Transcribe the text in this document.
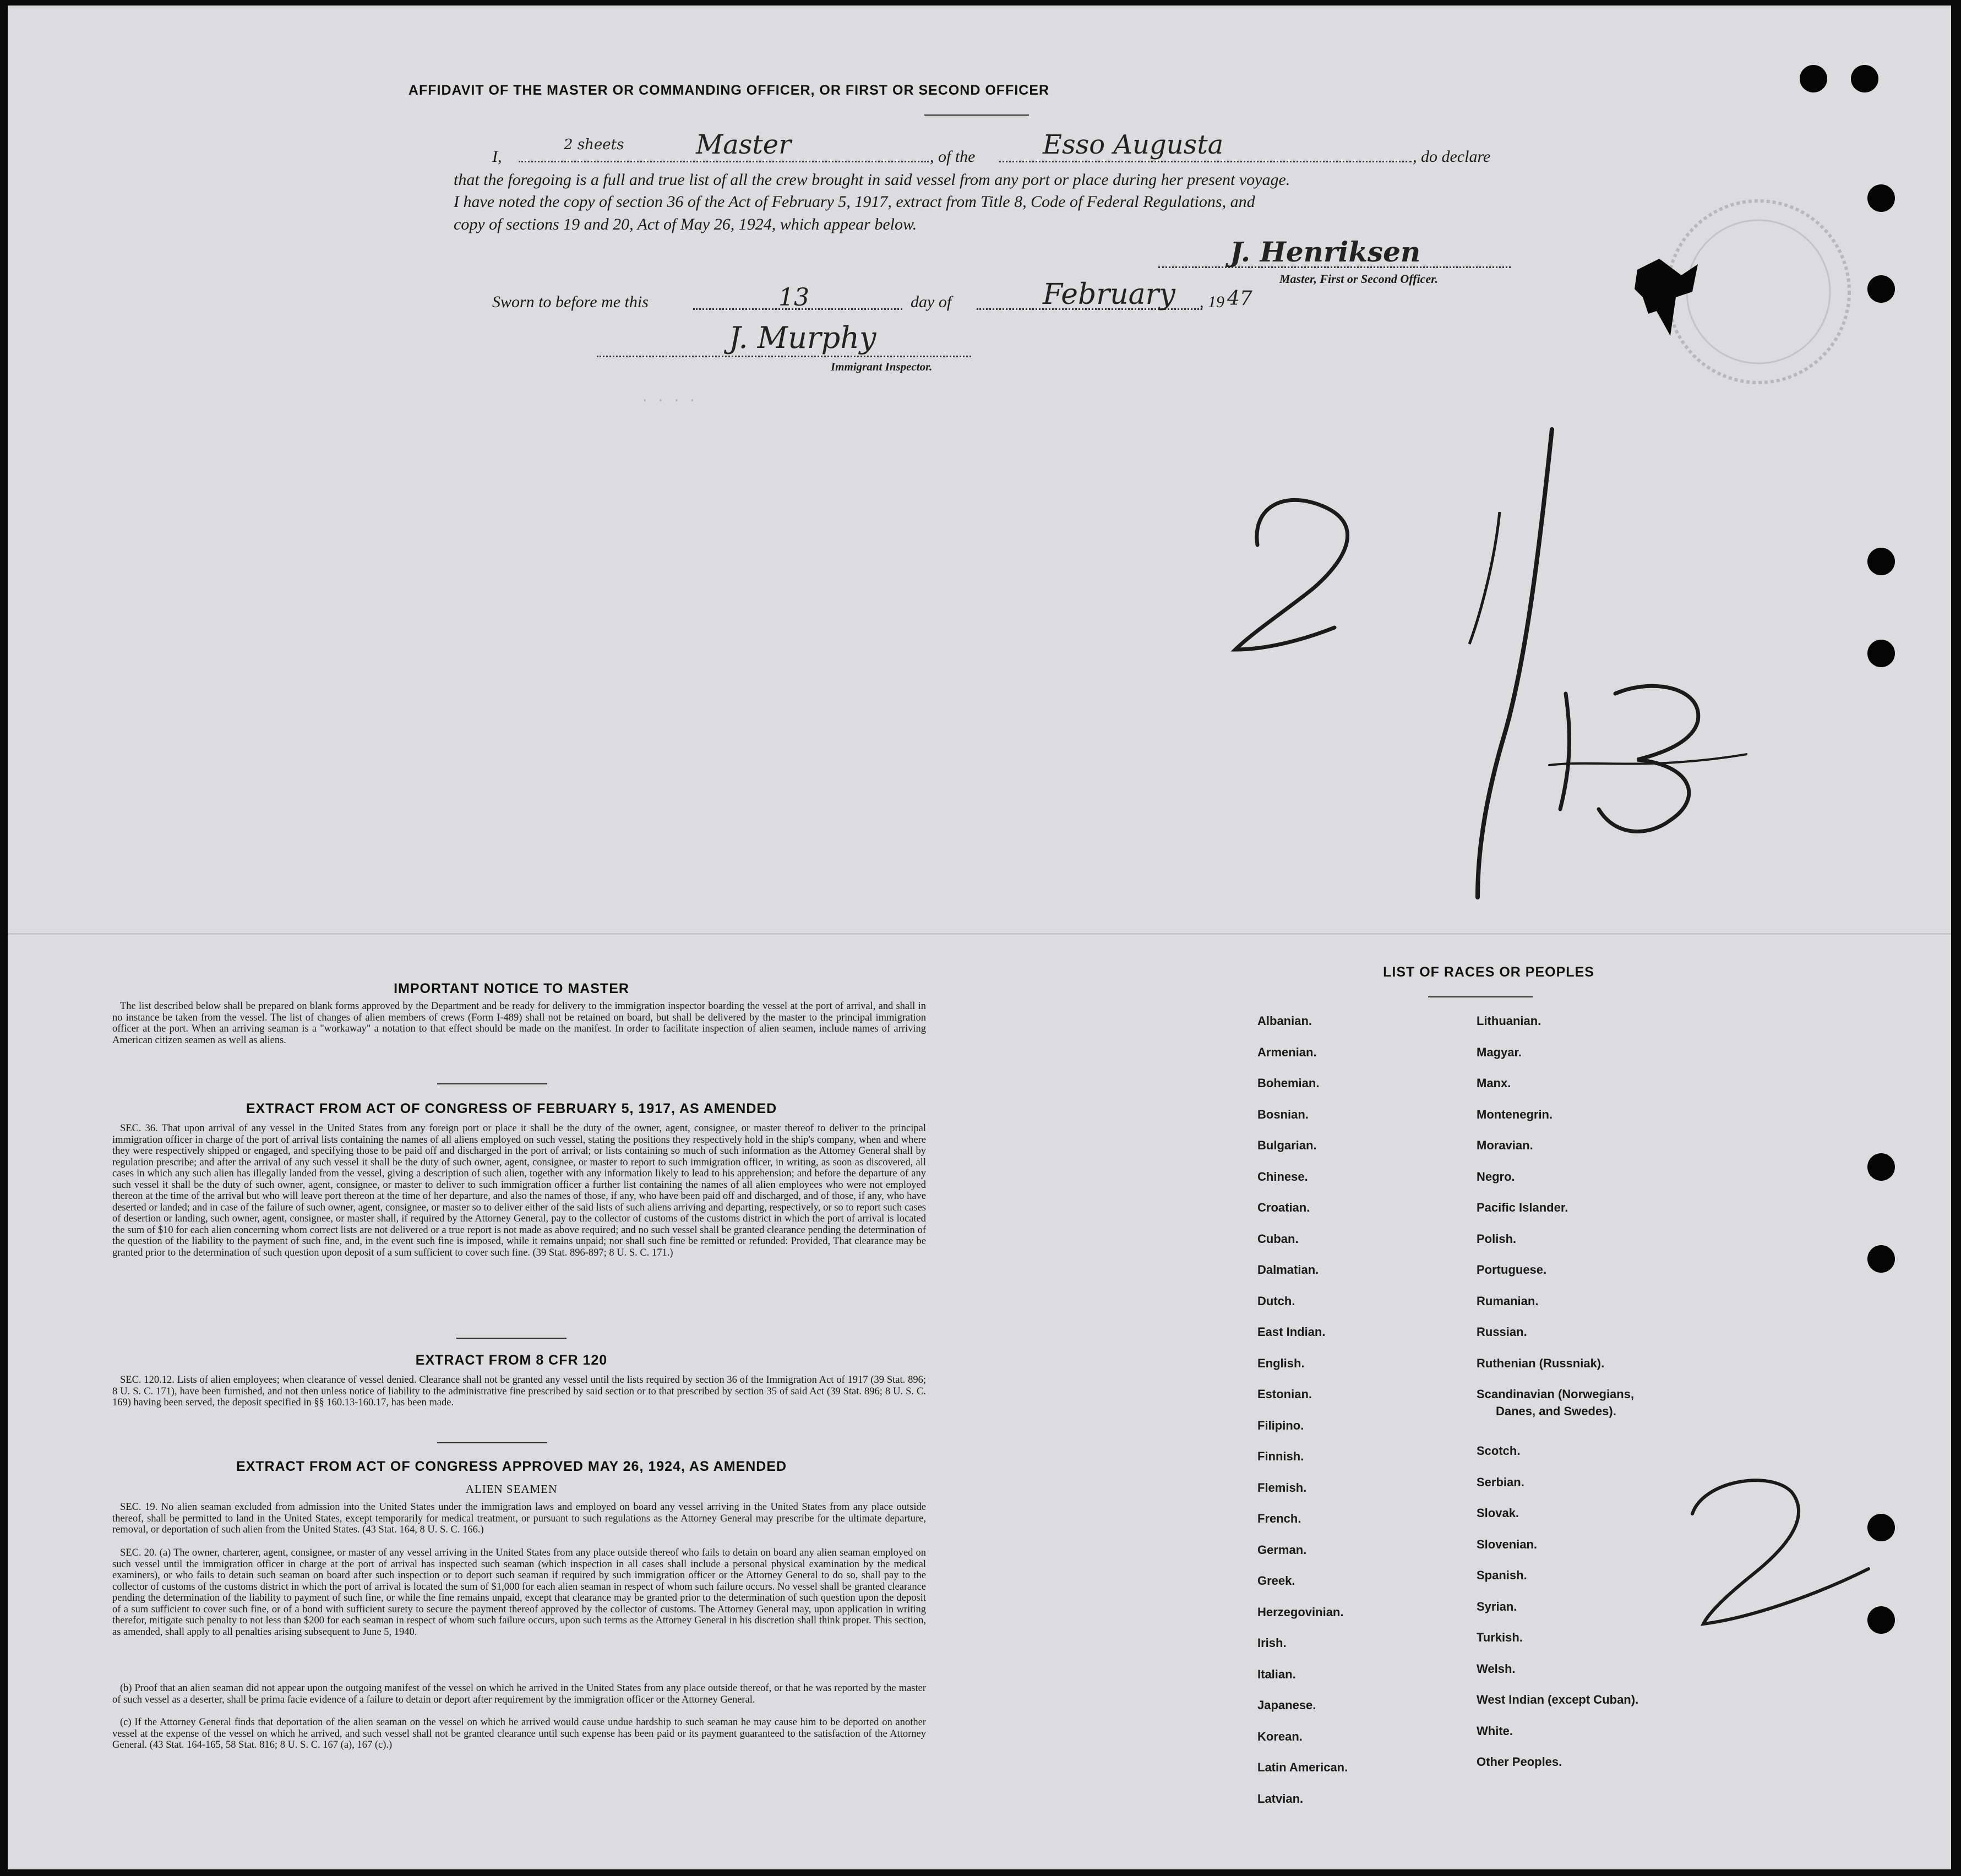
. . . .
AFFIDAVIT OF THE MASTER OR COMMANDING OFFICER, OR FIRST OR SECOND OFFICER
I,
2 sheets	Master	, of the	Esso Augusta	, do declare
that the foregoing is a full and true list of all the crew brought in said vessel from any port or place during her present voyage.
I have noted the copy of section 36 of the Act of February 5, 1917, extract from Title 8, Code of Federal Regulations, and
copy of sections 19 and 20, Act of May 26, 1924, which appear below.
J. Henriksen
Master, First or Second Officer.
Sworn to before me this	13	day of	February , 19 47
J. Murphy
Immigrant Inspector.
IMPORTANT NOTICE TO MASTER
The list described below shall be prepared on blank forms approved by the Department and be ready for delivery to the immigration inspector boarding the vessel at the port of arrival, and shall in no instance be taken from the vessel. The list of changes of alien members of crews (Form I-489) shall not be retained on board, but shall be delivered by the master to the principal immigration officer at the port. When an arriving seaman is a "workaway" a notation to that effect should be made on the manifest. In order to facilitate inspection of alien seamen, include names of arriving American citizen seamen as well as aliens.
EXTRACT FROM ACT OF CONGRESS OF FEBRUARY 5, 1917, AS AMENDED
SEC. 36. That upon arrival of any vessel in the United States from any foreign port or place it shall be the duty of the owner, agent, consignee, or master thereof to deliver to the principal immigration officer in charge of the port of arrival lists containing the names of all aliens employed on such vessel, stating the positions they respectively hold in the ship's company, when and where they were respectively shipped or engaged, and specifying those to be paid off and discharged in the port of arrival; or lists containing so much of such information as the Attorney General shall by regulation prescribe; and after the arrival of any such vessel it shall be the duty of such owner, agent, consignee, or master to report to such immigration officer, in writing, as soon as discovered, all cases in which any such alien has illegally landed from the vessel, giving a description of such alien, together with any information likely to lead to his apprehension; and before the departure of any such vessel it shall be the duty of such owner, agent, consignee, or master to deliver to such immigration officer a further list containing the names of all alien employees who were not employed thereon at the time of the arrival but who will leave port thereon at the time of her departure, and also the names of those, if any, who have been paid off and discharged, and of those, if any, who have deserted or landed; and in case of the failure of such owner, agent, consignee, or master so to deliver either of the said lists of such aliens arriving and departing, respectively, or so to report such cases of desertion or landing, such owner, agent, consignee, or master shall, if required by the Attorney General, pay to the collector of customs of the customs district in which the port of arrival is located the sum of $10 for each alien concerning whom correct lists are not delivered or a true report is not made as above required; and no such vessel shall be granted clearance pending the determination of the question of the liability to the payment of such fine, and, in the event such fine is imposed, while it remains unpaid; nor shall such fine be remitted or refunded: Provided, That clearance may be granted prior to the determination of such question upon deposit of a sum sufficient to cover such fine. (39 Stat. 896-897; 8 U. S. C. 171.)
EXTRACT FROM 8 CFR 120
SEC. 120.12. Lists of alien employees; when clearance of vessel denied. Clearance shall not be granted any vessel until the lists required by section 36 of the Immigration Act of 1917 (39 Stat. 896; 8 U. S. C. 171), have been furnished, and not then unless notice of liability to the administrative fine prescribed by said section or to that prescribed by section 35 of said Act (39 Stat. 896; 8 U. S. C. 169) having been served, the deposit specified in §§ 160.13-160.17, has been made.
EXTRACT FROM ACT OF CONGRESS APPROVED MAY 26, 1924, AS AMENDED
ALIEN SEAMEN
SEC. 19. No alien seaman excluded from admission into the United States under the immigration laws and employed on board any vessel arriving in the United States from any place outside thereof, shall be permitted to land in the United States, except temporarily for medical treatment, or pursuant to such regulations as the Attorney General may prescribe for the ultimate departure, removal, or deportation of such alien from the United States. (43 Stat. 164, 8 U. S. C. 166.)
SEC. 20. (a) The owner, charterer, agent, consignee, or master of any vessel arriving in the United States from any place outside thereof who fails to detain on board any alien seaman employed on such vessel until the immigration officer in charge at the port of arrival has inspected such seaman (which inspection in all cases shall include a personal physical examination by the medical examiners), or who fails to detain such seaman on board after such inspection or to deport such seaman if required by such immigration officer or the Attorney General to do so, shall pay to the collector of customs of the customs district in which the port of arrival is located the sum of $1,000 for each alien seaman in respect of whom such failure occurs. No vessel shall be granted clearance pending the determination of the liability to payment of such fine, or while the fine remains unpaid, except that clearance may be granted prior to the determination of such question upon the deposit of a sum sufficient to cover such fine, or of a bond with sufficient surety to secure the payment thereof approved by the collector of customs. The Attorney General may, upon application in writing therefor, mitigate such penalty to not less than $200 for each seaman in respect of whom such failure occurs, upon such terms as the Attorney General in his discretion shall think proper. This section, as amended, shall apply to all penalties arising subsequent to June 5, 1940.
(b) Proof that an alien seaman did not appear upon the outgoing manifest of the vessel on which he arrived in the United States from any place outside thereof, or that he was reported by the master of such vessel as a deserter, shall be prima facie evidence of a failure to detain or deport after requirement by the immigration officer or the Attorney General.
(c) If the Attorney General finds that deportation of the alien seaman on the vessel on which he arrived would cause undue hardship to such seaman he may cause him to be deported on another vessel at the expense of the vessel on which he arrived, and such vessel shall not be granted clearance until such expense has been paid or its payment guaranteed to the satisfaction of the Attorney General. (43 Stat. 164-165, 58 Stat. 816; 8 U. S. C. 167 (a), 167 (c).)
LIST OF RACES OR PEOPLES
Albanian.
Armenian.
Bohemian.
Bosnian.
Bulgarian.
Chinese.
Croatian.
Cuban.
Dalmatian.
Dutch.
East Indian.
English.
Estonian.
Filipino.
Finnish.
Flemish.
French.
German.
Greek.
Herzegovinian.
Irish.
Italian.
Japanese.
Korean.
Latin American.
Latvian.
Lithuanian.
Magyar.
Manx.
Montenegrin.
Moravian.
Negro.
Pacific Islander.
Polish.
Portuguese.
Rumanian.
Russian.
Ruthenian (Russniak).
Scandinavian (Norwegians,
Danes, and Swedes).
Scotch.
Serbian.
Slovak.
Slovenian.
Spanish.
Syrian.
Turkish.
Welsh.
West Indian (except Cuban).
White.
Other Peoples.
